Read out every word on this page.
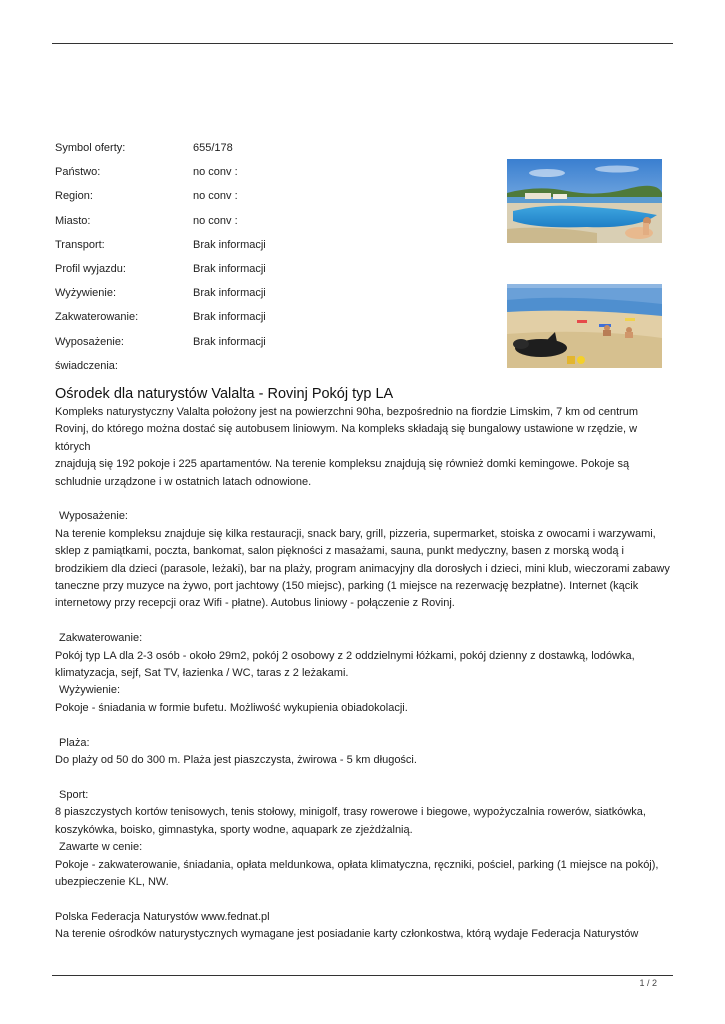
Symbol oferty:	655/178
Państwo:	no conv :
Region:	no conv :
Miasto:	no conv :
Transport:	Brak informacji
Profil wyjazdu:	Brak informacji
Wyżywienie:	Brak informacji
Zakwaterowanie:	Brak informacji
Wyposażenie:	Brak informacji
świadczenia:
Ośrodek dla naturystów Valalta - Rovinj Pokój typ LA

Kompleks naturystyczny Valalta położony jest na powierzchni 90ha, bezpośrednio na fiordzie Limskim, 7 km od centrum

Rovinj, do którego można dostać się autobusem liniowym. Na kompleks składają się bungalowy ustawione w rzędzie, w których

znajdują się 192 pokoje i 225 apartamentów. Na terenie kompleksu znajdują się również domki kemingowe. Pokoje są

schludnie urządzone i w ostatnich latach odnowione.

Wyposażenie:

Na terenie kompleksu znajduje się kilka restauracji, snack bary, grill, pizzeria, supermarket, stoiska z owocami i warzywami,

sklep z pamiątkami, poczta, bankomat, salon piękności z masażami, sauna, punkt medyczny, basen z morską wodą i

brodzikiem dla dzieci (parasole, leżaki), bar na plaży, program animacyjny dla dorosłych i dzieci, mini klub, wieczorami zabawy

taneczne przy muzyce na żywo, port jachtowy (150 miejsc), parking (1 miejsce na rezerwację bezpłatne). Internet (kącik

internetowy przy recepcji oraz Wifi - płatne). Autobus liniowy - połączenie z Rovinj.

Zakwaterowanie:

Pokój typ LA dla 2-3 osób - około 29m2, pokój 2 osobowy z 2 oddzielnymi łóżkami, pokój dzienny z dostawką, lodówka,

klimatyzacja, sejf, Sat TV, łazienka / WC, taras z 2 leżakami.

Wyżywienie:

Pokoje - śniadania w formie bufetu. Możliwość wykupienia obiadokolacji.

Plaża:

Do plaży od 50 do 300 m. Plaża jest piaszczysta, żwirowa - 5 km długości.

Sport:

8 piaszczystych kortów tenisowych, tenis stołowy, minigolf, trasy rowerowe i biegowe, wypożyczalnia rowerów, siatkówka,

koszykówka, boisko, gimnastyka, sporty wodne, aquapark ze zjeżdżalnią.

Zawarte w cenie:

Pokoje - zakwaterowanie, śniadania, opłata meldunkowa, opłata klimatyczna, ręczniki, pościel, parking (1 miejsce na pokój),

ubezpieczenie KL, NW.

Polska Federacja Naturystów www.fednat.pl

Na terenie ośrodków naturystycznych wymagane jest posiadanie karty członkostwa, którą wydaje Federacja Naturystów

1 / 2
